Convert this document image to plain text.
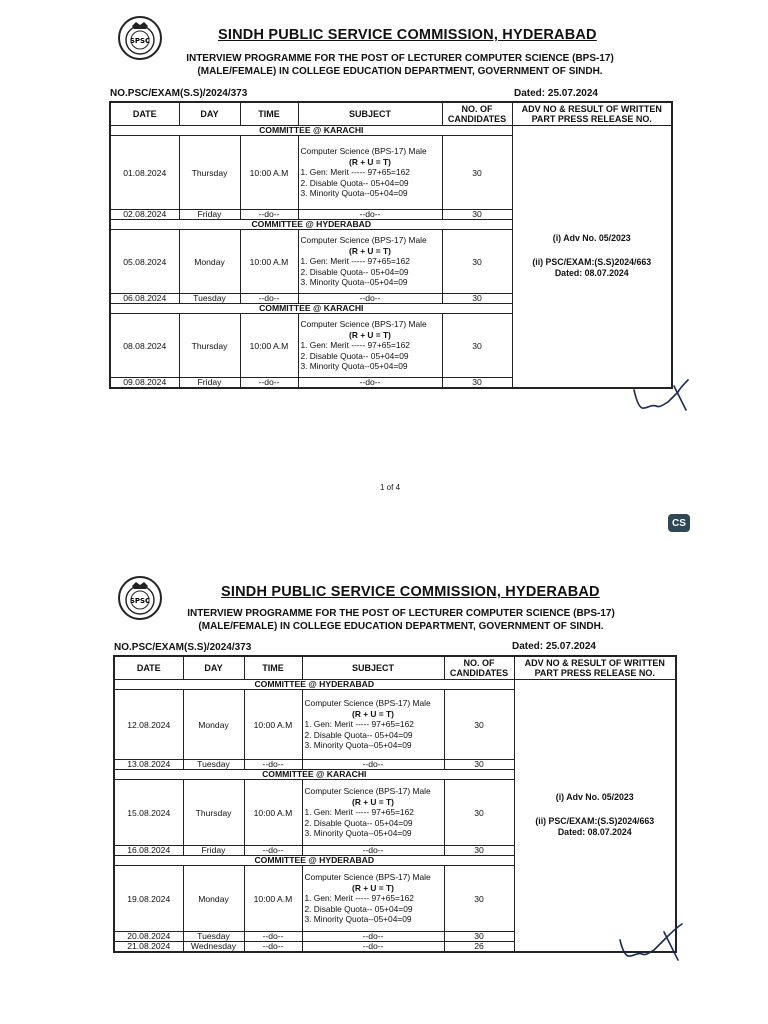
SPSC	SINDH PUBLIC SERVICE COMMISSION, HYDERABAD
INTERVIEW PROGRAMME FOR THE POST OF LECTURER COMPUTER SCIENCE (BPS-17)
(MALE/FEMALE) IN COLLEGE EDUCATION DEPARTMENT, GOVERNMENT OF SINDH.
NO.PSC/EXAM(S.S)/2024/373	Dated: 25.07.2024
DATE	DAY	TIME	SUBJECT	NO. OF CANDIDATES	ADV NO & RESULT OF WRITTEN PART PRESS RELEASE NO.
COMMITTEE @ KARACHI					(i) Adv No. 05/2023
(ii) PSC/EXAM:(S.S)2024/663
Dated: 08.07.2024

01.08.2024	Thursday	10:00 A.M	Computer Science (BPS-17) Male
(R + U = T)
1. Gen: Merit ----- 97+65=162
2. Disable Quota-- 05+04=09
3. Minority Quota--05+04=09	30	
02.08.2024	Friday	--do--	--do--	30	
COMMITTEE @ HYDERABAD					
05.08.2024	Monday	10:00 A.M	Computer Science (BPS-17) Male
(R + U = T)
1. Gen: Merit ----- 97+65=162
2. Disable Quota-- 05+04=09
3. Minority Quota--05+04=09	30	
06.08.2024	Tuesday	--do--	--do--	30	
COMMITTEE @ KARACHI					
08.08.2024	Thursday	10:00 A.M	Computer Science (BPS-17) Male
(R + U = T)
1. Gen: Merit ----- 97+65=162
2. Disable Quota-- 05+04=09
3. Minority Quota--05+04=09	30	
09.08.2024	Friday	--do--	--do--	30	
1 of 4
CS
SPSC
SINDH PUBLIC SERVICE COMMISSION, HYDERABAD
INTERVIEW PROGRAMME FOR THE POST OF LECTURER COMPUTER SCIENCE (BPS-17)
(MALE/FEMALE) IN COLLEGE EDUCATION DEPARTMENT, GOVERNMENT OF SINDH.
NO.PSC/EXAM(S.S)/2024/373	Dated: 25.07.2024
DATE	DAY	TIME	SUBJECT	NO. OF CANDIDATES	ADV NO & RESULT OF WRITTEN PART PRESS RELEASE NO.
COMMITTEE @ HYDERABAD					(i) Adv No. 05/2023
(ii) PSC/EXAM:(S.S)2024/663
Dated: 08.07.2024

12.08.2024	Monday	10:00 A.M	Computer Science (BPS-17) Male
(R + U = T)
1. Gen: Merit ----- 97+65=162
2. Disable Quota-- 05+04=09
3. Minority Quota--05+04=09	30	
13.08.2024	Tuesday	--do--	--do--	30	
COMMITTEE @ KARACHI					
15.08.2024	Thursday	10:00 A.M	Computer Science (BPS-17) Male
(R + U = T)
1. Gen: Merit ----- 97+65=162
2. Disable Quota-- 05+04=09
3. Minority Quota--05+04=09	30	
16.08.2024	Friday	--do--	--do--	30	
COMMITTEE @ HYDERABAD					
19.08.2024	Monday	10:00 A.M	Computer Science (BPS-17) Male
(R + U = T)
1. Gen: Merit ----- 97+65=162
2. Disable Quota-- 05+04=09
3. Minority Quota--05+04=09	30	
20.08.2024	Tuesday	--do--	--do--	30	
21.08.2024	Wednesday	--do--	--do--	26	
